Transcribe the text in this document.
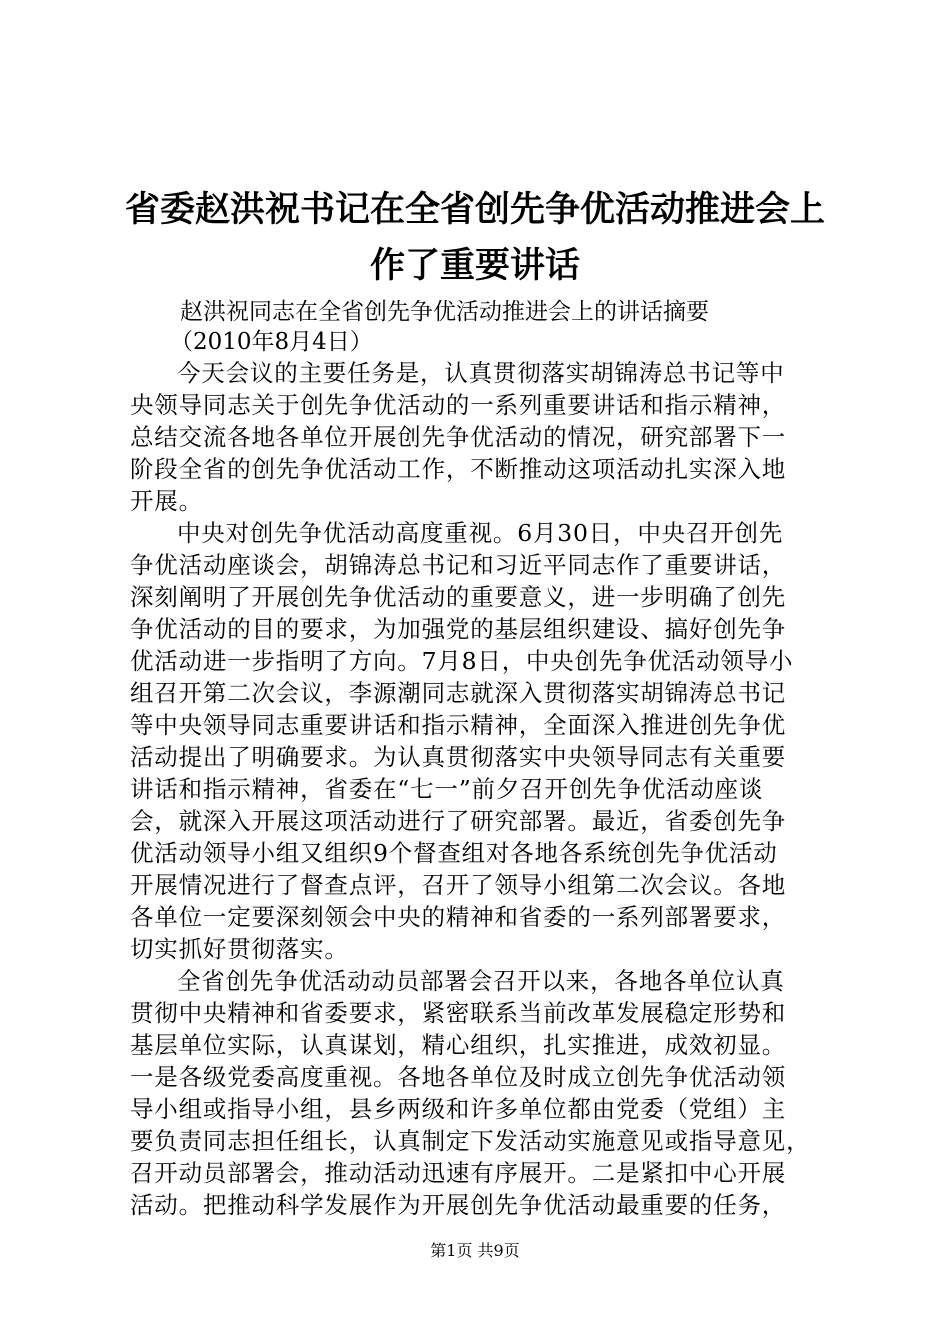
省委赵洪祝书记在全省创先争优活动推进会上
作了重要讲话
赵洪祝同志在全省创先争优活动推进会上的讲话摘要
（2010年8月4日）
今天会议的主要任务是，认真贯彻落实胡锦涛总书记等中
央领导同志关于创先争优活动的一系列重要讲话和指示精神，
总结交流各地各单位开展创先争优活动的情况，研究部署下一
阶段全省的创先争优活动工作，不断推动这项活动扎实深入地
开展。
中央对创先争优活动高度重视。6月30日，中央召开创先
争优活动座谈会，胡锦涛总书记和习近平同志作了重要讲话，
深刻阐明了开展创先争优活动的重要意义，进一步明确了创先
争优活动的目的要求，为加强党的基层组织建设、搞好创先争
优活动进一步指明了方向。7月8日，中央创先争优活动领导小
组召开第二次会议，李源潮同志就深入贯彻落实胡锦涛总书记
等中央领导同志重要讲话和指示精神，全面深入推进创先争优
活动提出了明确要求。为认真贯彻落实中央领导同志有关重要
讲话和指示精神，省委在“七一”前夕召开创先争优活动座谈
会，就深入开展这项活动进行了研究部署。最近，省委创先争
优活动领导小组又组织9个督查组对各地各系统创先争优活动
开展情况进行了督查点评，召开了领导小组第二次会议。各地
各单位一定要深刻领会中央的精神和省委的一系列部署要求，
切实抓好贯彻落实。
全省创先争优活动动员部署会召开以来，各地各单位认真
贯彻中央精神和省委要求，紧密联系当前改革发展稳定形势和
基层单位实际，认真谋划，精心组织，扎实推进，成效初显。
一是各级党委高度重视。各地各单位及时成立创先争优活动领
导小组或指导小组，县乡两级和许多单位都由党委（党组）主
要负责同志担任组长，认真制定下发活动实施意见或指导意见，
召开动员部署会，推动活动迅速有序展开。二是紧扣中心开展
活动。把推动科学发展作为开展创先争优活动最重要的任务，
第1页 共9页
